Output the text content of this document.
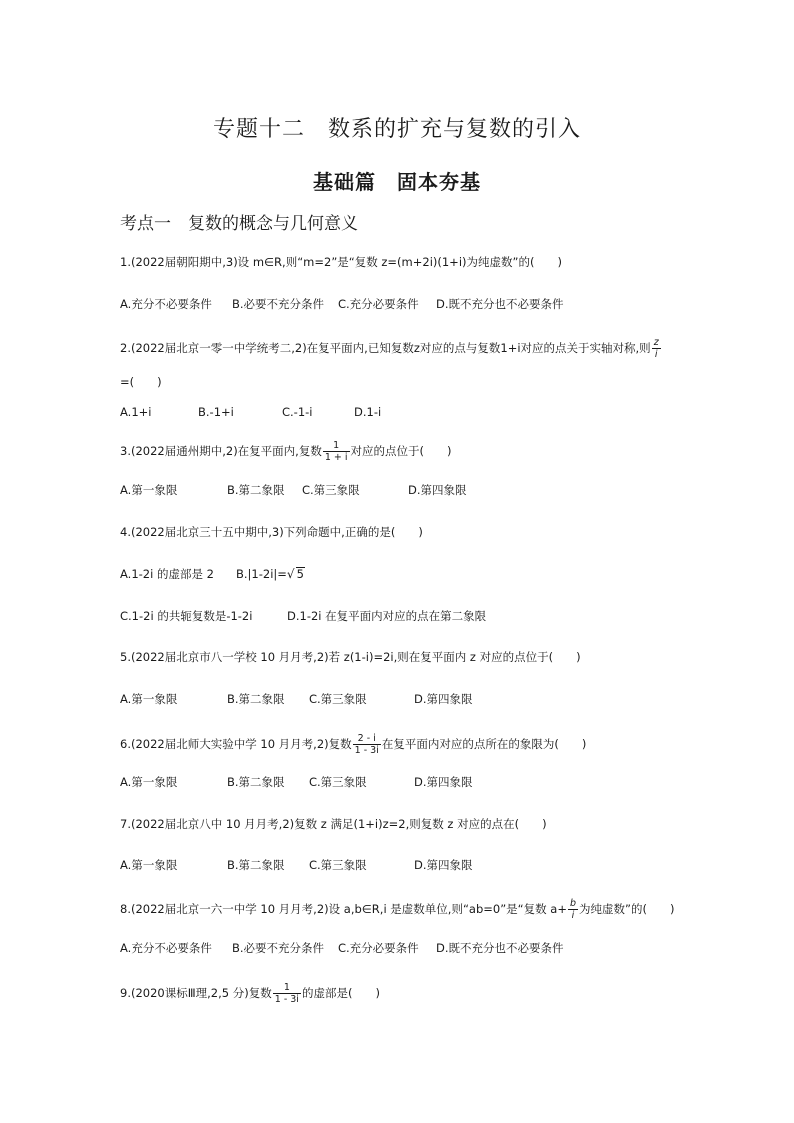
专题十二　数系的扩充与复数的引入
基础篇　固本夯基
考点一　复数的概念与几何意义
1.(2022届朝阳期中,3)设 m∈R,则“m=2”是“复数 z=(m+2i)(1+i)为纯虚数”的(　　)
A.充分不必要条件 B.必要不充分条件 C.充分必要条件 D.既不充分也不必要条件
2.(2022届北京一零一中学统考二,2)在复平面内,已知复数z对应的点与复数1+i对应的点关于实轴对称,则 $\frac{z}{i}$
=(　　)
A.1+i	B.-1+i	C.-1-i	D.1-i
3.(2022届通州期中,2)在复平面内,复数 $\frac{1}{1 + i}$ 对应的点位于(　　)
A.第一象限	B.第二象限 C.第三象限	D.第四象限
4.(2022届北京三十五中期中,3)下列命题中,正确的是(　　)
A.1-2i 的虚部是 2 B.|1-2i|=√ 5
C.1-2i 的共轭复数是-1-2i	D.1-2i 在复平面内对应的点在第二象限
5.(2022届北京市八一学校 10 月月考,2)若 z(1-i)=2i,则在复平面内 z 对应的点位于(　　)
A.第一象限	B.第二象限 C.第三象限	D.第四象限
6.(2022届北师大实验中学 10 月月考,2)复数 $\frac{2 - i}{1 - 3i}$ 在复平面内对应的点所在的象限为(　　)
A.第一象限	B.第二象限 C.第三象限	D.第四象限
7.(2022届北京八中 10 月月考,2)复数 z 满足(1+i)z=2,则复数 z 对应的点在(　　)
A.第一象限	B.第二象限 C.第三象限	D.第四象限
8.(2022届北京一六一中学 10 月月考,2)设 a,b∈R,i 是虚数单位,则“ab=0”是“复数 $a+ \frac{b}{i}$ 为纯虚数”的(　　)
A.充分不必要条件 B.必要不充分条件 C.充分必要条件 D.既不充分也不必要条件
9.(2020课标Ⅲ理,2,5 分)复数 $\frac{1}{1 - 3i}$ 的虚部是(　　)
